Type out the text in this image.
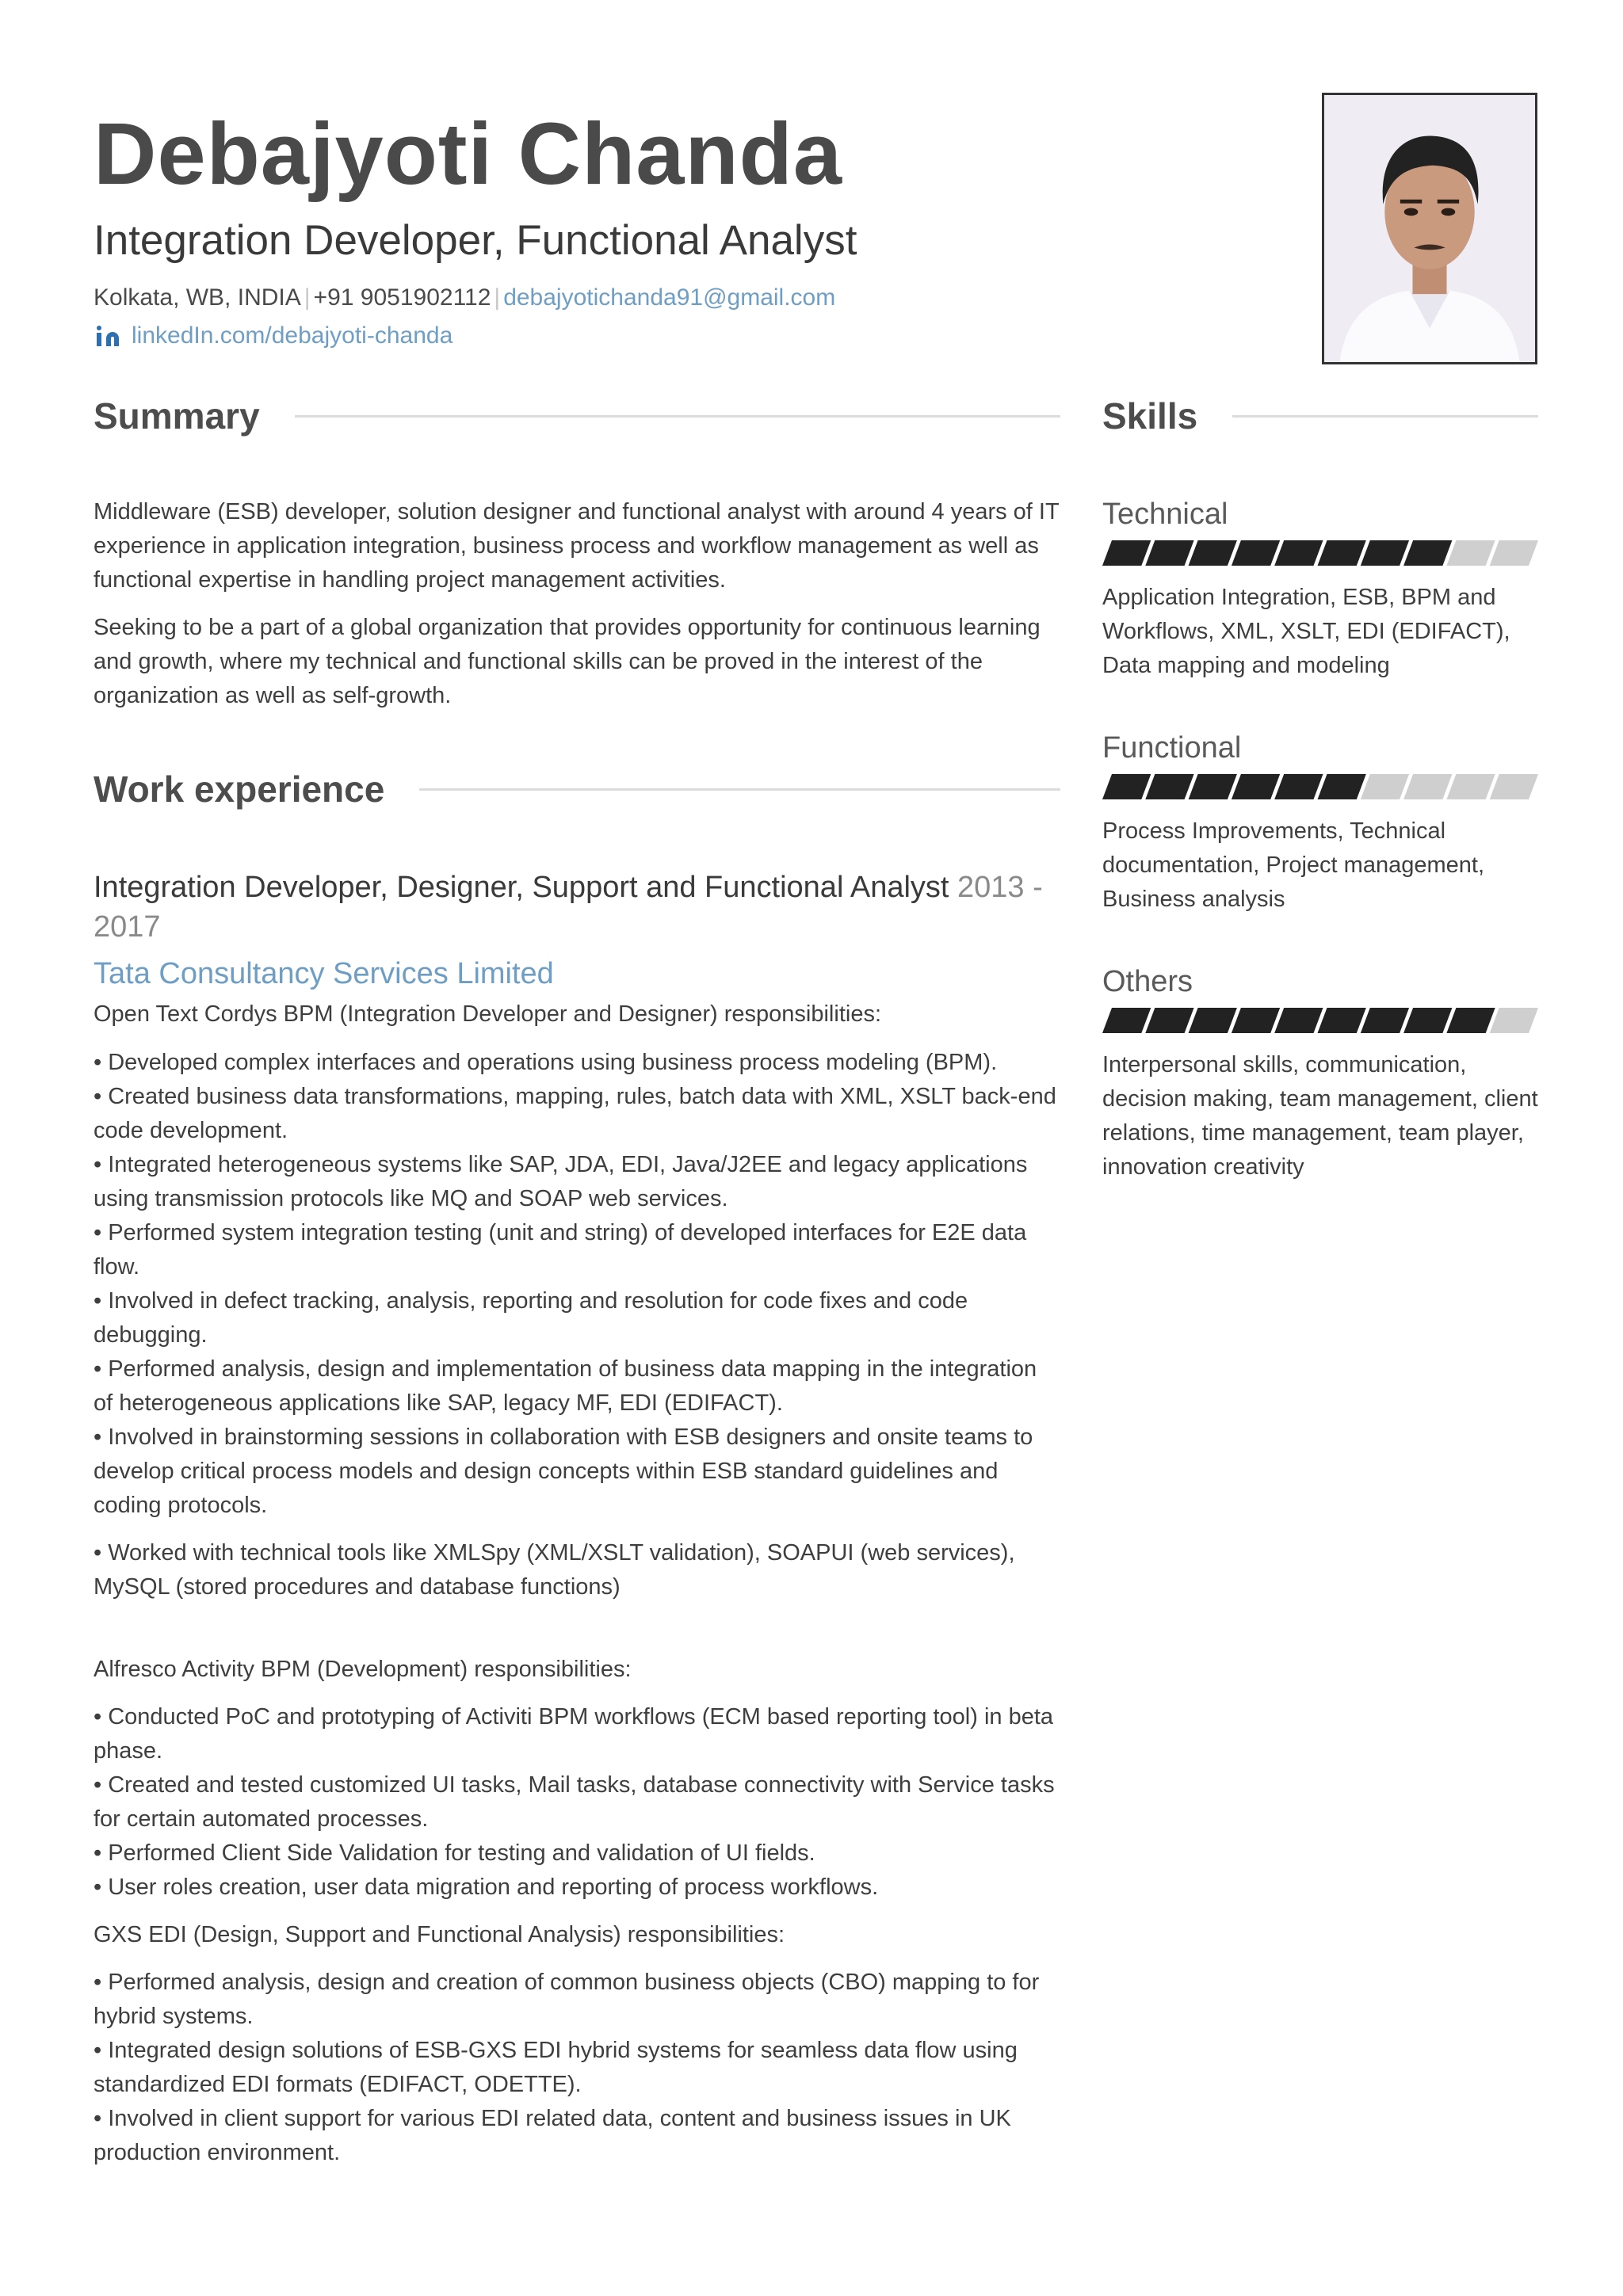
Debajyoti Chanda
Integration Developer, Functional Analyst
Kolkata, WB, INDIA | +91 9051902112 | debajyotichanda91@gmail.com
linkedIn.com/debajyoti-chanda
Summary

Middleware (ESB) developer, solution designer and functional analyst with around 4 years of IT experience in application integration, business process and workflow management as well as functional expertise in handling project management activities.

Seeking to be a part of a global organization that provides opportunity for continuous learning and growth, where my technical and functional skills can be proved in the interest of the organization as well as self-growth.

Work experience
Integration Developer, Designer, Support and Functional Analyst 2013 - 2017
Tata Consultancy Services Limited

Open Text Cordys BPM (Integration Developer and Designer) responsibilities:

• Developed complex interfaces and operations using business process modeling (BPM).
• Created business data transformations, mapping, rules, batch data with XML, XSLT back-end code development.
• Integrated heterogeneous systems like SAP, JDA, EDI, Java/J2EE and legacy applications using transmission protocols like MQ and SOAP web services.
• Performed system integration testing (unit and string) of developed interfaces for E2E data flow.
• Involved in defect tracking, analysis, reporting and resolution for code fixes and code debugging.
• Performed analysis, design and implementation of business data mapping in the integration of heterogeneous applications like SAP, legacy MF, EDI (EDIFACT).
• Involved in brainstorming sessions in collaboration with ESB designers and onsite teams to develop critical process models and design concepts within ESB standard guidelines and coding protocols.

• Worked with technical tools like XMLSpy (XML/XSLT validation), SOAPUI (web services), MySQL (stored procedures and database functions)

Alfresco Activity BPM (Development) responsibilities:

• Conducted PoC and prototyping of Activiti BPM workflows (ECM based reporting tool) in beta phase.
• Created and tested customized UI tasks, Mail tasks, database connectivity with Service tasks for certain automated processes.
• Performed Client Side Validation for testing and validation of UI fields.
• User roles creation, user data migration and reporting of process workflows.

GXS EDI (Design, Support and Functional Analysis) responsibilities:

• Performed analysis, design and creation of common business objects (CBO) mapping to for hybrid systems.
• Integrated design solutions of ESB-GXS EDI hybrid systems for seamless data flow using standardized EDI formats (EDIFACT, ODETTE).
• Involved in client support for various EDI related data, content and business issues in UK production environment.

Skills
Technical
Application Integration, ESB, BPM and Workflows, XML, XSLT, EDI (EDIFACT), Data mapping and modeling
Functional
Process Improvements, Technical documentation, Project management, Business analysis
Others
Interpersonal skills, communication, decision making, team management, client relations, time management, team player, innovation creativity
